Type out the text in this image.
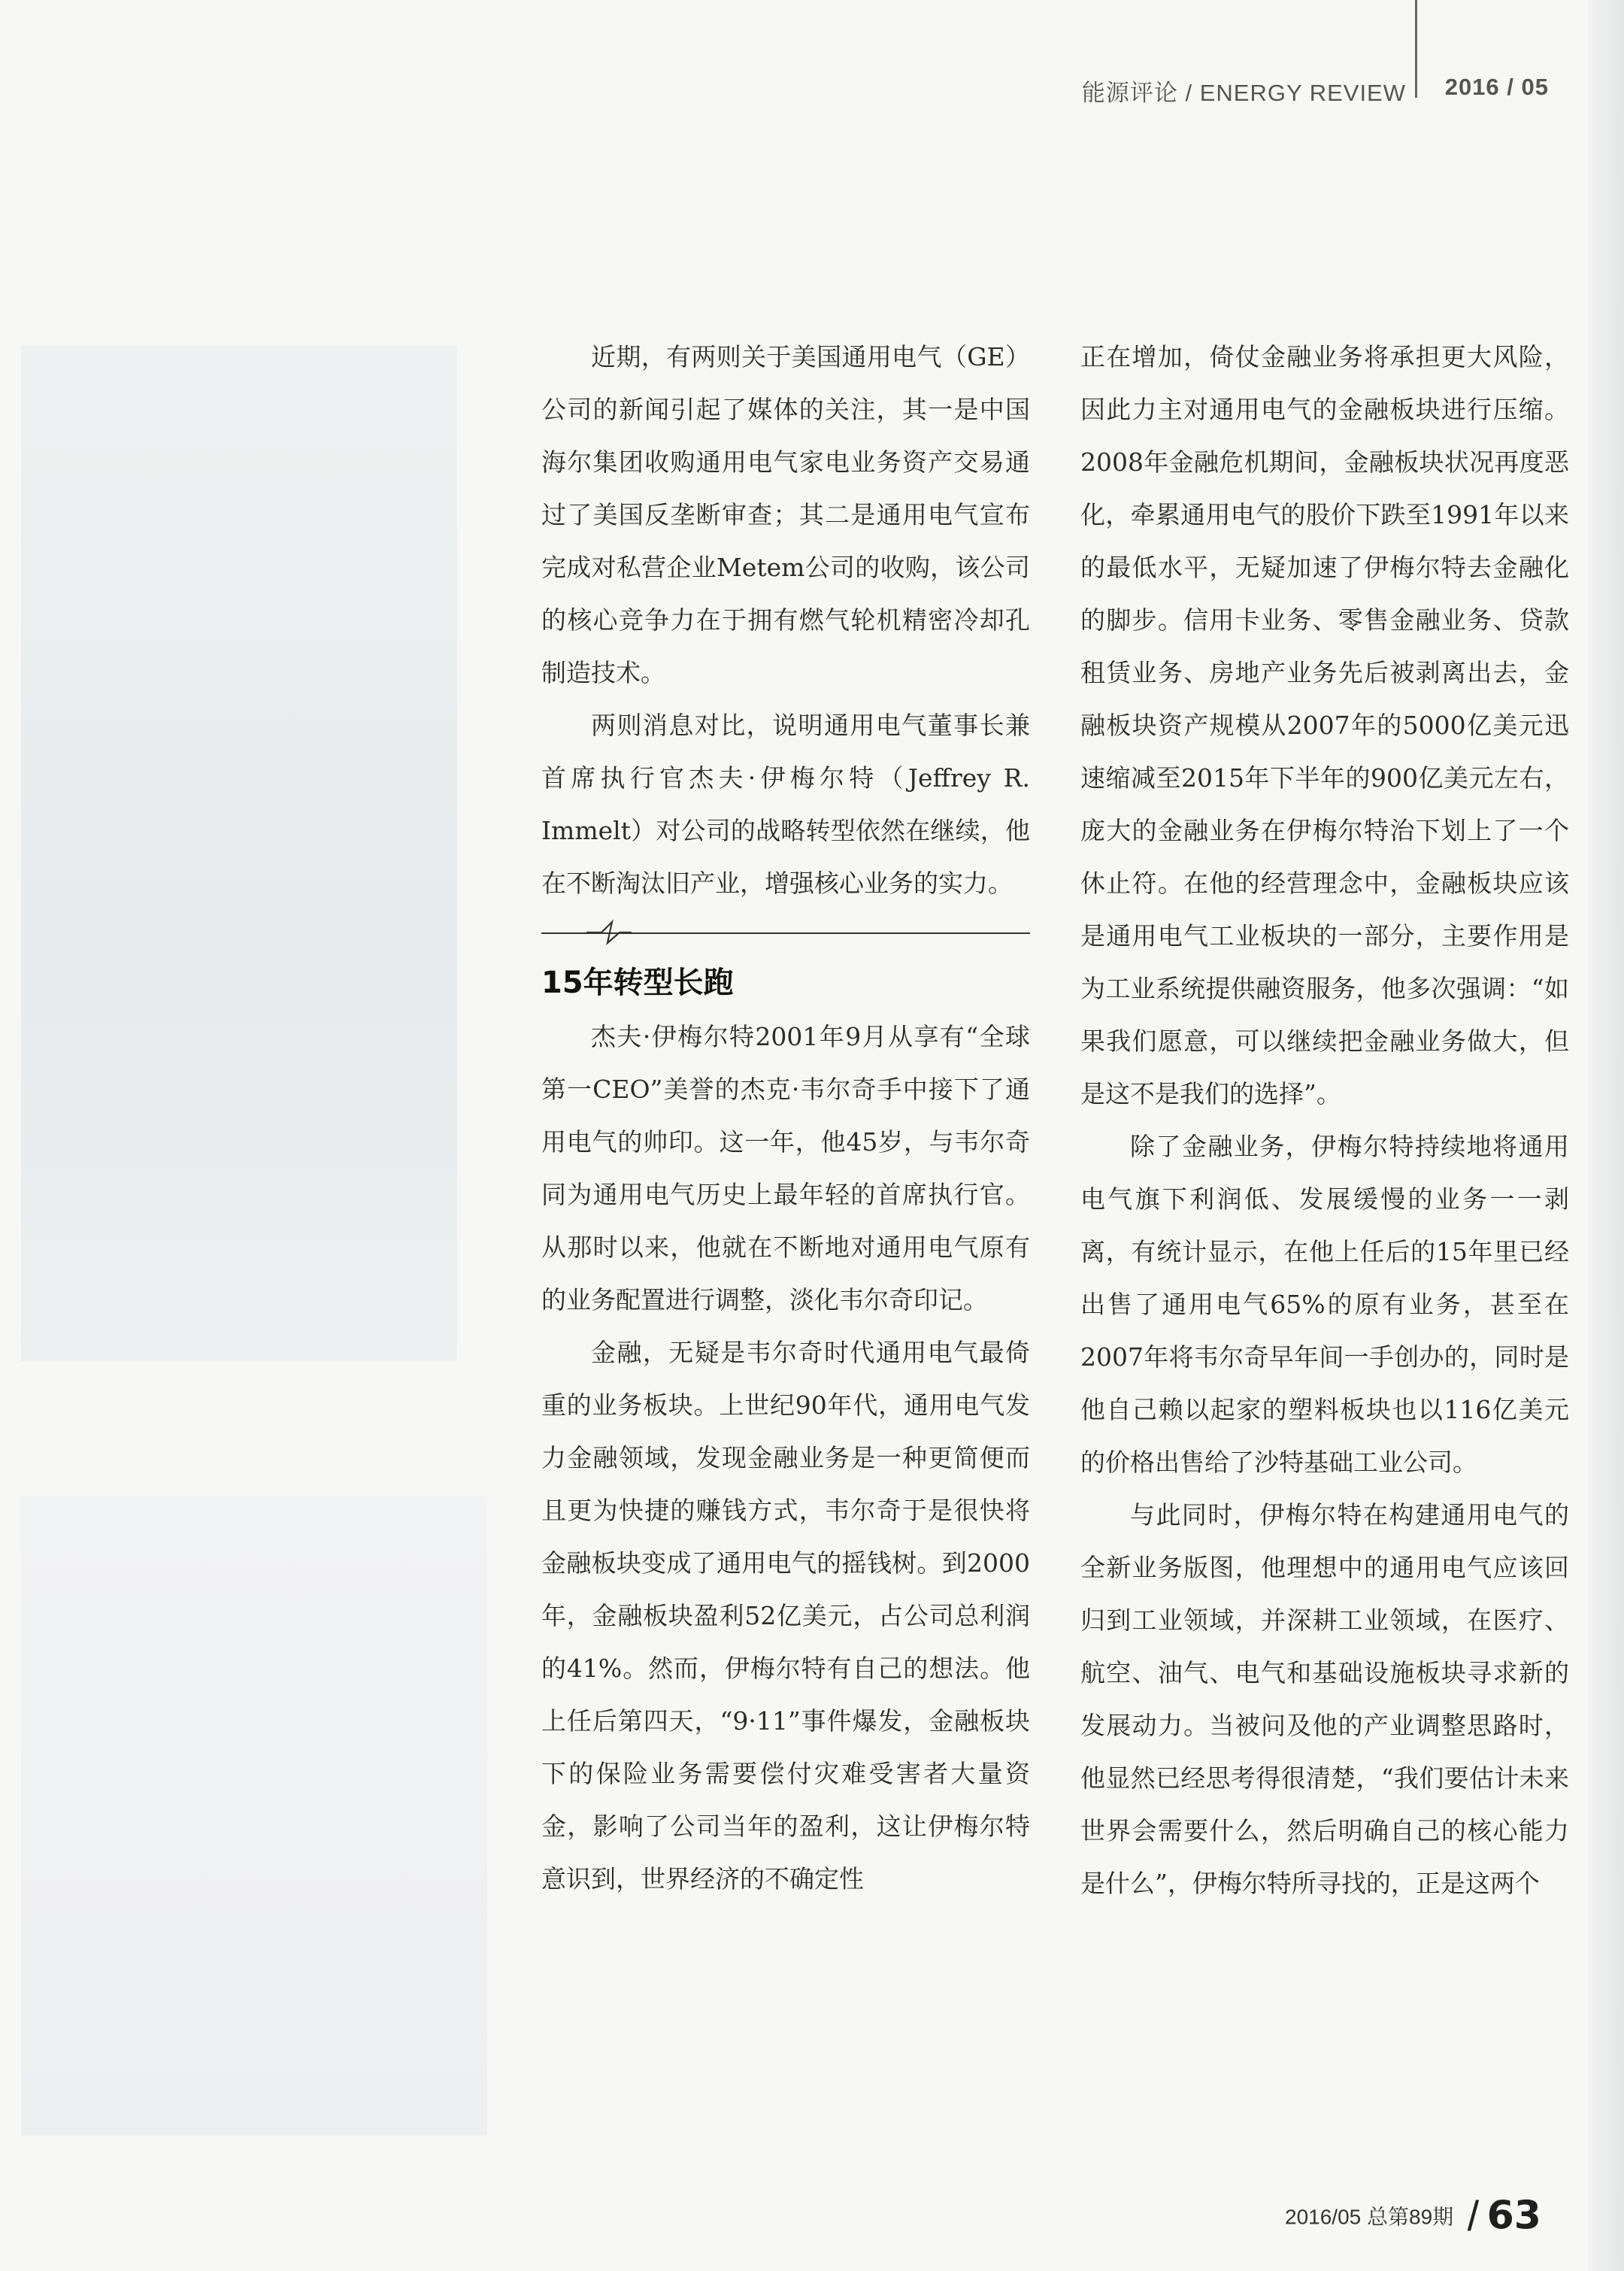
能源评论 / ENERGY REVIEW 2016 / 05

近期，有两则关于美国通用电气（GE）公司的新闻引起了媒体的关注，其一是中国海尔集团收购通用电气家电业务资产交易通过了美国反垄断审查；其二是通用电气宣布完成对私营企业Metem公司的收购，该公司的核心竞争力在于拥有燃气轮机精密冷却孔制造技术。

两则消息对比，说明通用电气董事长兼首席执行官杰夫·伊梅尔特（Jeffrey R. Immelt）对公司的战略转型依然在继续，他在不断淘汰旧产业，增强核心业务的实力。

15年转型长跑

杰夫·伊梅尔特2001年9月从享有“全球第一CEO”美誉的杰克·韦尔奇手中接下了通用电气的帅印。这一年，他45岁，与韦尔奇同为通用电气历史上最年轻的首席执行官。从那时以来，他就在不断地对通用电气原有的业务配置进行调整，淡化韦尔奇印记。

金融，无疑是韦尔奇时代通用电气最倚重的业务板块。上世纪90年代，通用电气发力金融领域，发现金融业务是一种更简便而且更为快捷的赚钱方式，韦尔奇于是很快将金融板块变成了通用电气的摇钱树。到2000年，金融板块盈利52亿美元，占公司总利润的41%。然而，伊梅尔特有自己的想法。他上任后第四天，“9·11”事件爆发，金融板块下的保险业务需要偿付灾难受害者大量资金，影响了公司当年的盈利，这让伊梅尔特意识到，世界经济的不确定性

正在增加，倚仗金融业务将承担更大风险，因此力主对通用电气的金融板块进行压缩。2008年金融危机期间，金融板块状况再度恶化，牵累通用电气的股价下跌至1991年以来的最低水平，无疑加速了伊梅尔特去金融化的脚步。信用卡业务、零售金融业务、贷款租赁业务、房地产业务先后被剥离出去，金融板块资产规模从2007年的5000亿美元迅速缩减至2015年下半年的900亿美元左右，庞大的金融业务在伊梅尔特治下划上了一个休止符。在他的经营理念中，金融板块应该是通用电气工业板块的一部分，主要作用是为工业系统提供融资服务，他多次强调：“如果我们愿意，可以继续把金融业务做大，但是这不是我们的选择”。

除了金融业务，伊梅尔特持续地将通用电气旗下利润低、发展缓慢的业务一一剥离，有统计显示，在他上任后的15年里已经出售了通用电气65%的原有业务，甚至在2007年将韦尔奇早年间一手创办的，同时是他自己赖以起家的塑料板块也以116亿美元的价格出售给了沙特基础工业公司。

与此同时，伊梅尔特在构建通用电气的全新业务版图，他理想中的通用电气应该回归到工业领域，并深耕工业领域，在医疗、航空、油气、电气和基础设施板块寻求新的发展动力。当被问及他的产业调整思路时，他显然已经思考得很清楚，“我们要估计未来世界会需要什么，然后明确自己的核心能力是什么”，伊梅尔特所寻找的，正是这两个

2016/05 总第89期 / 63
